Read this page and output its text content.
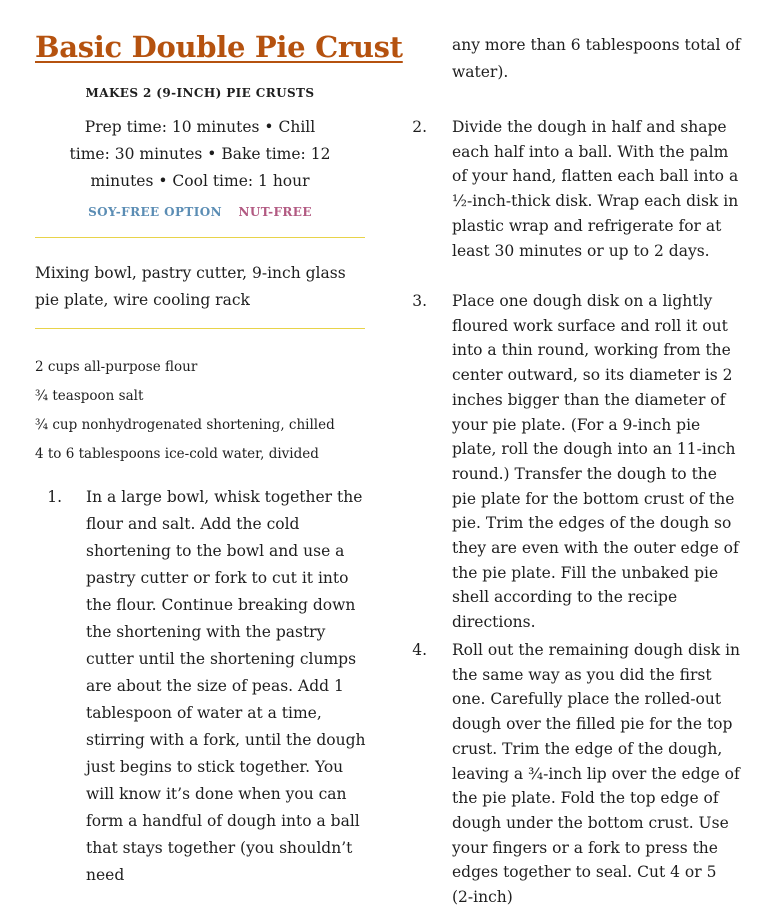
Basic Double Pie Crust
MAKES 2 (9-INCH) PIE CRUSTS
Prep time: 10 minutes • Chill time: 30 minutes • Bake time: 12 minutes • Cool time: 1 hour
SOY-FREE OPTION NUT-FREE
Mixing bowl, pastry cutter, 9-inch glass pie plate, wire cooling rack
2 cups all-purpose flour
¾ teaspoon salt
¾ cup nonhydrogenated shortening, chilled
4 to 6 tablespoons ice-cold water, divided
1. In a large bowl, whisk together the flour and salt. Add the cold shortening to the bowl and use a pastry cutter or fork to cut it into the flour. Continue breaking down the shortening with the pastry cutter until the shortening clumps are about the size of peas. Add 1 tablespoon of water at a time, stirring with a fork, until the dough just begins to stick together. You will know it’s done when you can form a handful of dough into a ball that stays together (you shouldn’t need
any more than 6 tablespoons total of water).
2. Divide the dough in half and shape each half into a ball. With the palm of your hand, flatten each ball into a ½-inch-thick disk. Wrap each disk in plastic wrap and refrigerate for at least 30 minutes or up to 2 days.
3. Place one dough disk on a lightly floured work surface and roll it out into a thin round, working from the center outward, so its diameter is 2 inches bigger than the diameter of your pie plate. (For a 9-inch pie plate, roll the dough into an 11-inch round.) Transfer the dough to the pie plate for the bottom crust of the pie. Trim the edges of the dough so they are even with the outer edge of the pie plate. Fill the unbaked pie shell according to the recipe directions.
4. Roll out the remaining dough disk in the same way as you did the first one. Carefully place the rolled-out dough over the filled pie for the top crust. Trim the edge of the dough, leaving a ¾-inch lip over the edge of the pie plate. Fold the top edge of dough under the bottom crust. Use your fingers or a fork to press the edges together to seal. Cut 4 or 5 (2-inch)
